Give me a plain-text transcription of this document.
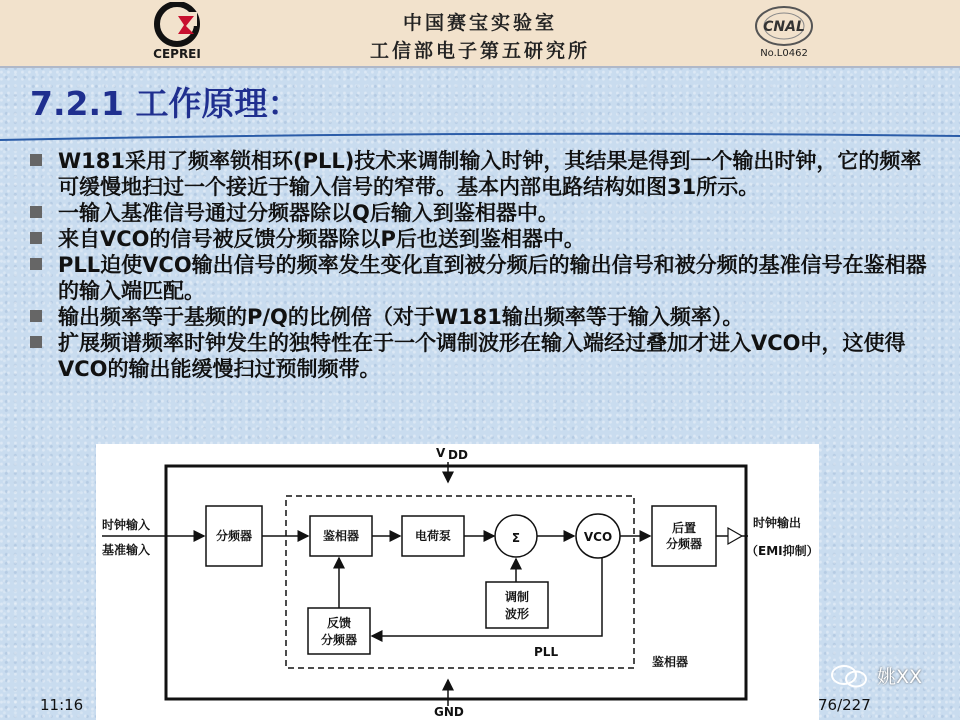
CEPREI
中国赛宝实验室
工信部电子第五研究所
CNAL
No.L0462
7.2.1 工作原理：

W181采用了频率锁相环(PLL)技术来调制输入时钟，其结果是得到一个输出时钟，它的频率可缓慢地扫过一个接近于输入信号的窄带。基本内部电路结构如图31所示。

一输入基准信号通过分频器除以Q后输入到鉴相器中。

来自VCO的信号被反馈分频器除以P后也送到鉴相器中。

PLL迫使VCO输出信号的频率发生变化直到被分频后的输出信号和被分频的基准信号在鉴相器的输入端匹配。

输出频率等于基频的P/Q的比例倍（对于W181输出频率等于输入频率）。

扩展频谱频率时钟发生的独特性在于一个调制波形在输入端经过叠加才进入VCO中，这使得VCO的输出能缓慢扫过预制频带。

V DD
GND
时钟输入
基准输入
分频器	鉴相器	电荷泵	Σ	VCO
后置
分频器
时钟输出
（EMI抑制）
调制
波形
反馈
分频器
PLL
鉴相器
11:16	76/227
姚XX
